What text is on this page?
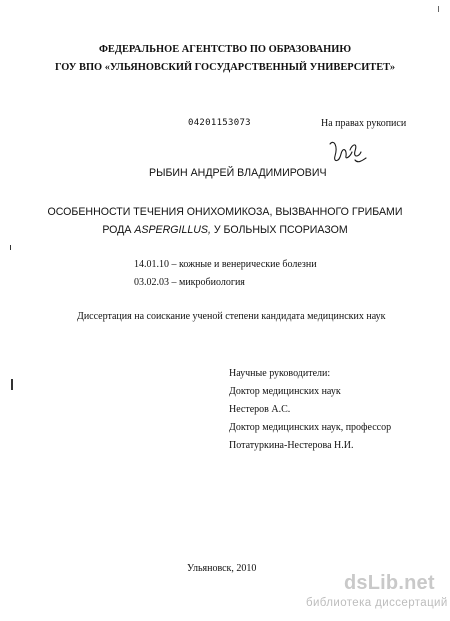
ФЕДЕРАЛЬНОЕ АГЕНТСТВО ПО ОБРАЗОВАНИЮ
ГОУ ВПО «УЛЬЯНОВСКИЙ ГОСУДАРСТВЕННЫЙ УНИВЕРСИТЕТ»
04201153073	На правах рукописи
РЫБИН АНДРЕЙ ВЛАДИМИРОВИЧ
ОСОБЕННОСТИ ТЕЧЕНИЯ ОНИХОМИКОЗА, ВЫЗВАННОГО ГРИБАМИ
РОДА ASPERGILLUS, У БОЛЬНЫХ ПСОРИАЗОМ
14.01.10 – кожные и венерические болезни
03.02.03 – микробиология
Диссертация на соискание ученой степени кандидата медицинских наук
Научные руководители:
Доктор медицинских наук
Нестеров А.С.
Доктор медицинских наук, профессор
Потатуркина-Нестерова Н.И.
Ульяновск, 2010
dsLib.net
библиотека диссертаций
